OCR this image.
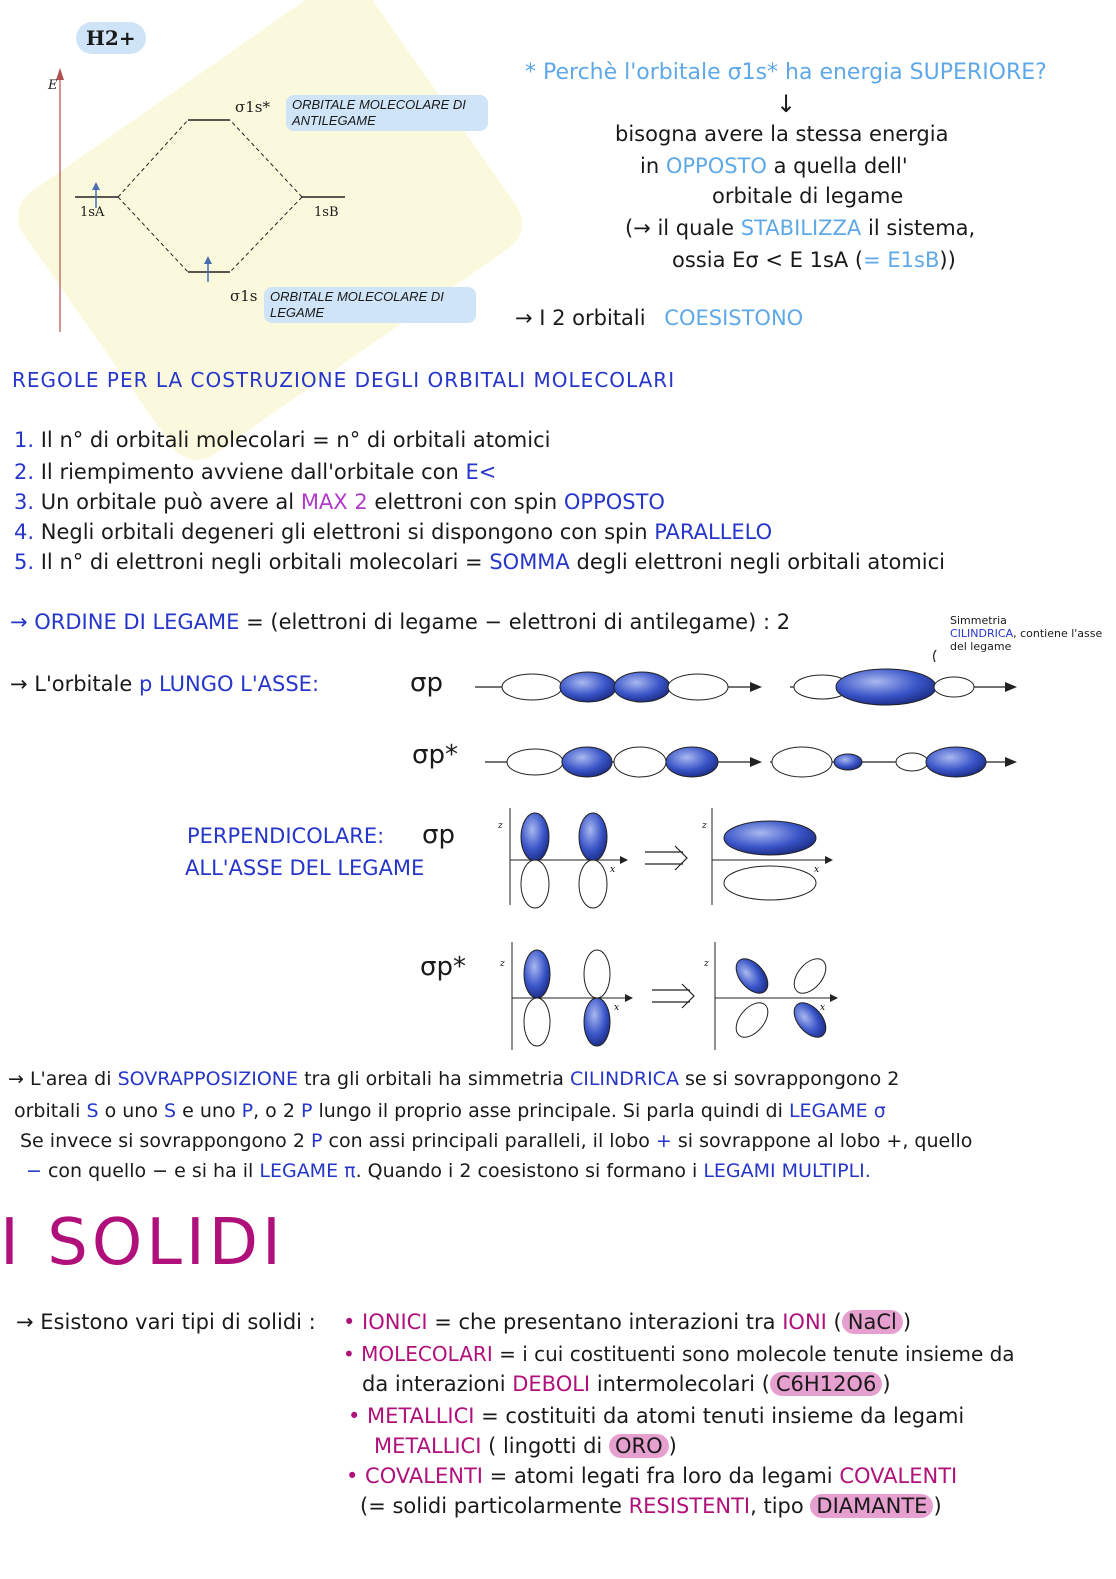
H2+
E
σ1s*	ORBITALE MOLECOLARE DI ANTILEGAME
σ1s ORBITALE MOLECOLARE DI LEGAME
1sA	1sB
* Perchè l'orbitale σ1s* ha energia SUPERIORE?
↓
bisogna avere la stessa energia
in OPPOSTO a quella dell'
orbitale di legame
(→ il quale STABILIZZA il sistema,
ossia Eσ < E 1sA (= E1sB))
→ I 2 orbitali COESISTONO
REGOLE PER LA COSTRUZIONE DEGLI ORBITALI MOLECOLARI
1. Il n° di orbitali molecolari = n° di orbitali atomici
2. Il riempimento avviene dall'orbitale con E<
3. Un orbitale può avere al MAX 2 elettroni con spin OPPOSTO
4. Negli orbitali degeneri gli elettroni si dispongono con spin PARALLELO
5. Il n° di elettroni negli orbitali molecolari = SOMMA degli elettroni negli orbitali atomici
→ ORDINE DI LEGAME = (elettroni di legame − elettroni di antilegame) : 2	Simmetria
CILINDRICA, contiene l'asse del legame
→ L'orbitale p LUNGO L'ASSE:	σp
σp*
PERPENDICOLARE:
ALL'ASSE DEL LEGAME
σp
σp*
z
x
z
x
z
x
z
x
→ L'area di SOVRAPPOSIZIONE tra gli orbitali ha simmetria CILINDRICA se si sovrappongono 2
orbitali S o uno S e uno P, o 2 P lungo il proprio asse principale. Si parla quindi di LEGAME σ
Se invece si sovrappongono 2 P con assi principali paralleli, il lobo + si sovrappone al lobo +, quello
− con quello − e si ha il LEGAME π. Quando i 2 coesistono si formano i LEGAMI MULTIPLI.
I SOLIDI
→ Esistono vari tipi di solidi : • IONICI = che presentano interazioni tra IONI ( NaCl )
• MOLECOLARI = i cui costituenti sono molecole tenute insieme da
da interazioni DEBOLI intermolecolari ( C6H12O6 )
• METALLICI = costituiti da atomi tenuti insieme da legami
METALLICI ( lingotti di ORO )
• COVALENTI = atomi legati fra loro da legami COVALENTI
(= solidi particolarmente RESISTENTI, tipo DIAMANTE )
